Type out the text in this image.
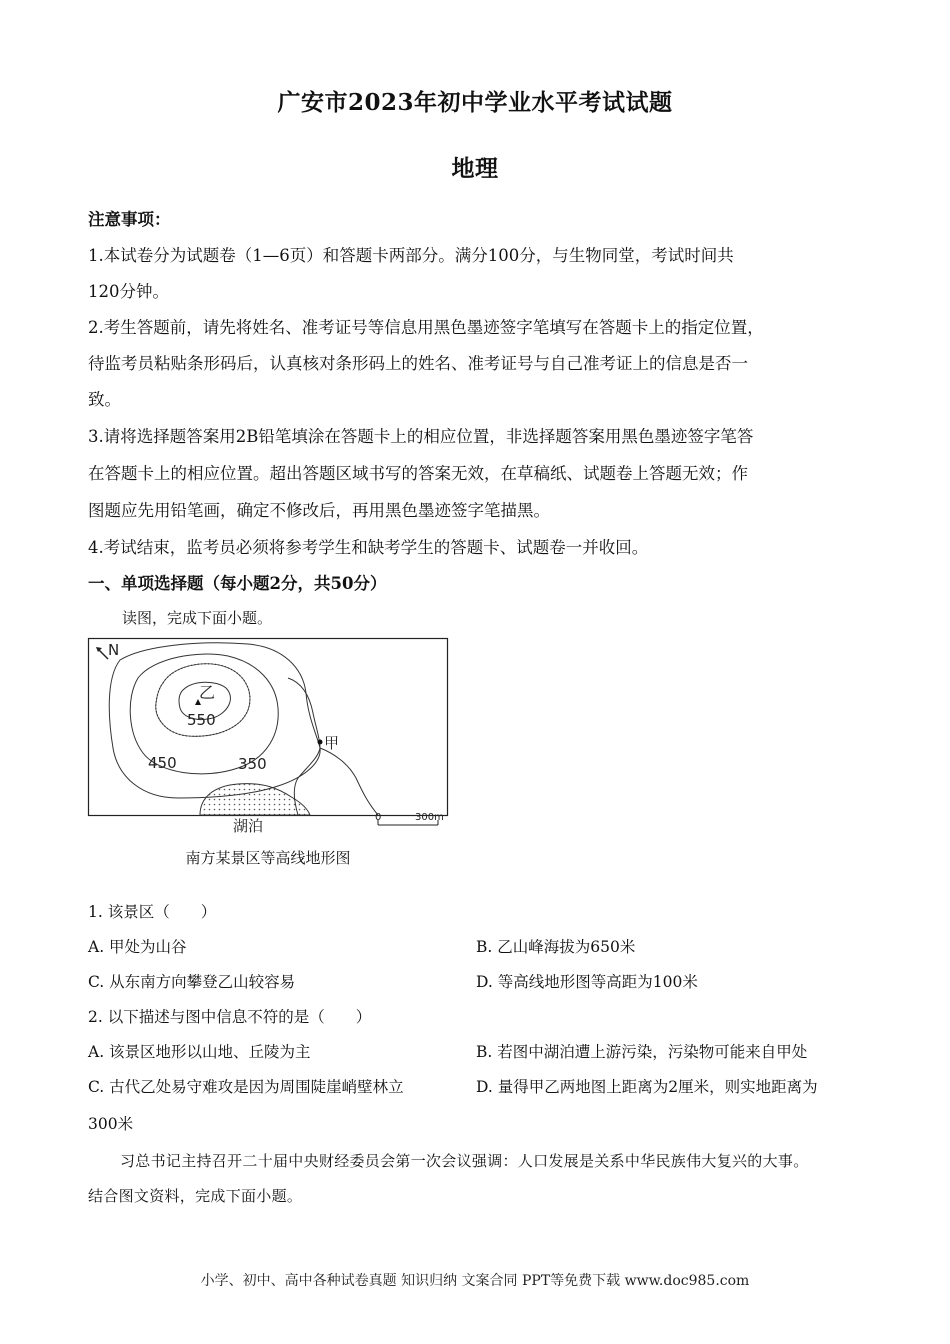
广安市2023年初中学业水平考试试题
地理
注意事项：
1.本试卷分为试题卷（1—6页）和答题卡两部分。满分100分，与生物同堂，考试时间共
120分钟。
2.考生答题前，请先将姓名、准考证号等信息用黑色墨迹签字笔填写在答题卡上的指定位置，
待监考员粘贴条形码后，认真核对条形码上的姓名、准考证号与自己准考证上的信息是否一
致。
3.请将选择题答案用2B铅笔填涂在答题卡上的相应位置，非选择题答案用黑色墨迹签字笔答
在答题卡上的相应位置。超出答题区域书写的答案无效，在草稿纸、试题卷上答题无效；作
图题应先用铅笔画，确定不修改后，再用黑色墨迹签字笔描黑。
4.考试结束，监考员必须将参考学生和缺考学生的答题卡、试题卷一并收回。
一、单项选择题（每小题2分，共50分）
读图，完成下面小题。
N
乙
550
450	350
甲
湖泊	0	300m
南方某景区等高线地形图
1. 该景区（　　）
A. 甲处为山谷	B. 乙山峰海拔为650米
C. 从东南方向攀登乙山较容易	D. 等高线地形图等高距为100米
2. 以下描述与图中信息不符的是（　　）
A. 该景区地形以山地、丘陵为主	B. 若图中湖泊遭上游污染，污染物可能来自甲处
C. 古代乙处易守难攻是因为周围陡崖峭壁林立	D. 量得甲乙两地图上距离为2厘米，则实地距离为
300米
习总书记主持召开二十届中央财经委员会第一次会议强调：人口发展是关系中华民族伟大复兴的大事。
结合图文资料，完成下面小题。
小学、初中、高中各种试卷真题 知识归纳 文案合同 PPT等免费下载 www.doc985.com
